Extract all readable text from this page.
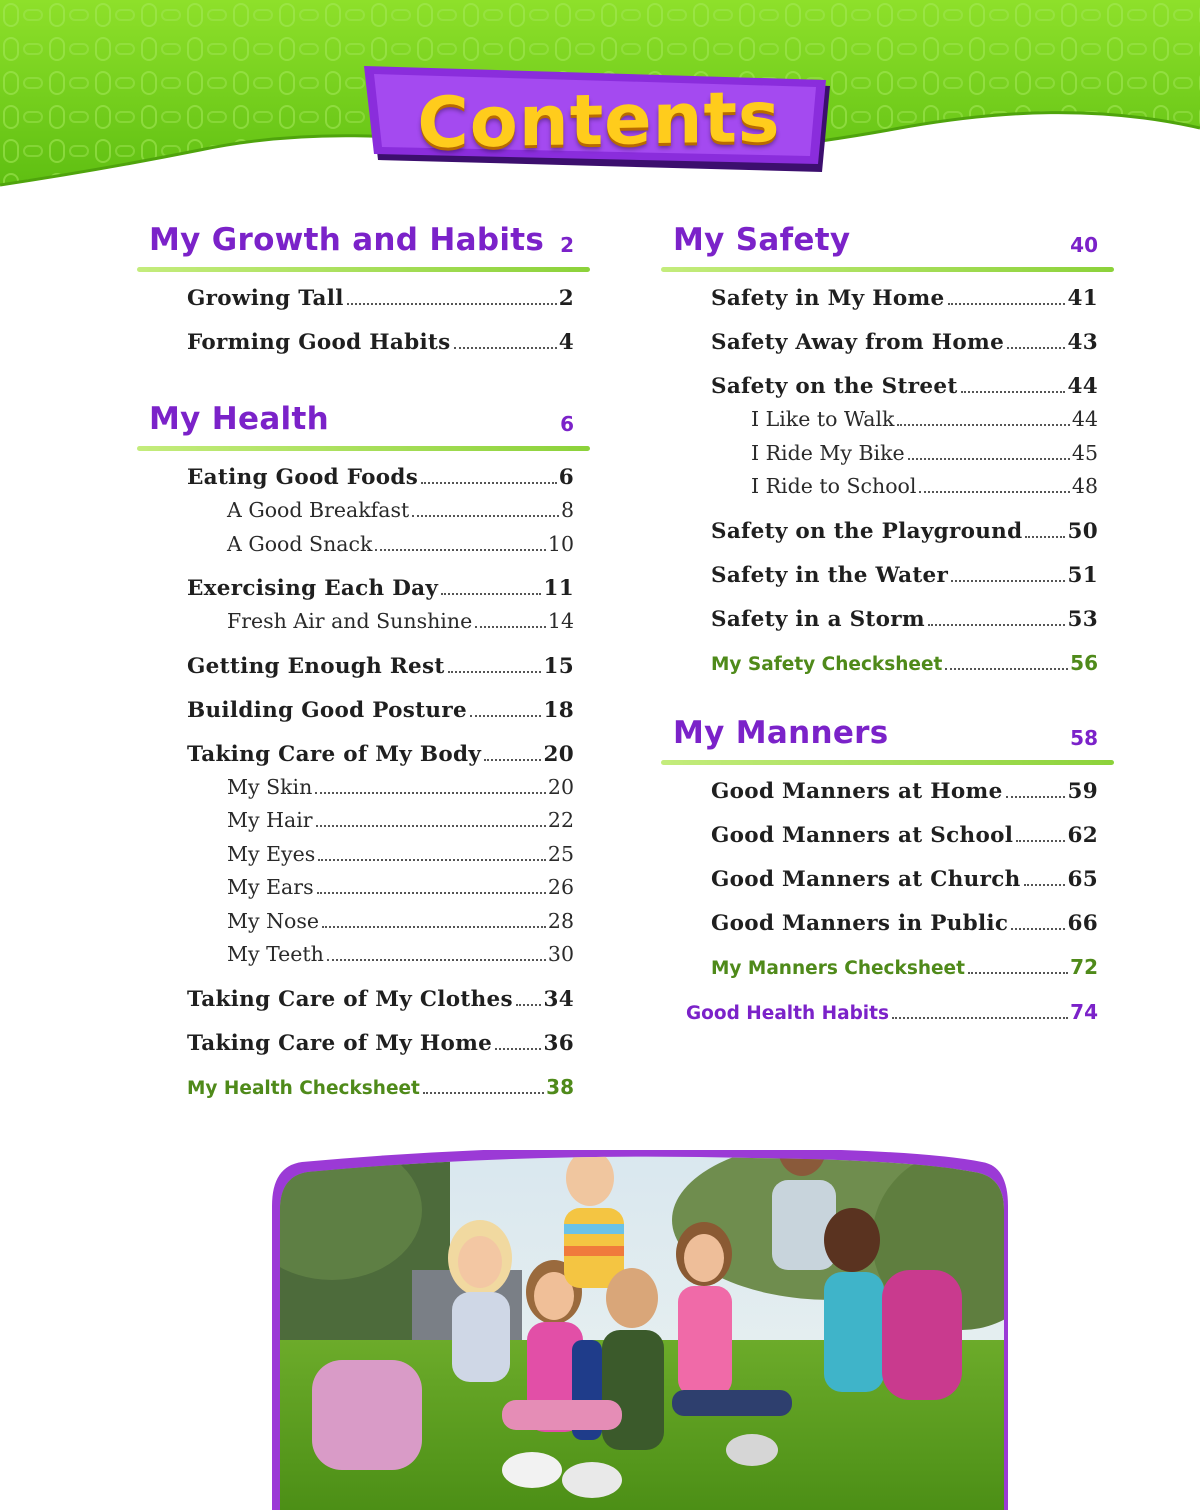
Contents
My Growth and Habits 2
Growing Tall	2
Forming Good Habits	4
My Health	6
Eating Good Foods	6
A Good Breakfast	8
A Good Snack	10
Exercising Each Day	11
Fresh Air and Sunshine	14
Getting Enough Rest	15
Building Good Posture	18
Taking Care of My Body	20
My Skin	20
My Hair	22
My Eyes	25
My Ears	26
My Nose	28
My Teeth	30
Taking Care of My Clothes 34
Taking Care of My Home 36
My Health Checksheet	38
My Safety	40
Safety in My Home	41
Safety Away from Home	43
Safety on the Street	44
I Like to Walk	44
I Ride My Bike	45
I Ride to School	48
Safety on the Playground 50
Safety in the Water	51
Safety in a Storm	53
My Safety Checksheet	56
My Manners	58
Good Manners at Home	59
Good Manners at School	62
Good Manners at Church 65
Good Manners in Public	66
My Manners Checksheet	72
Good Health Habits	74
